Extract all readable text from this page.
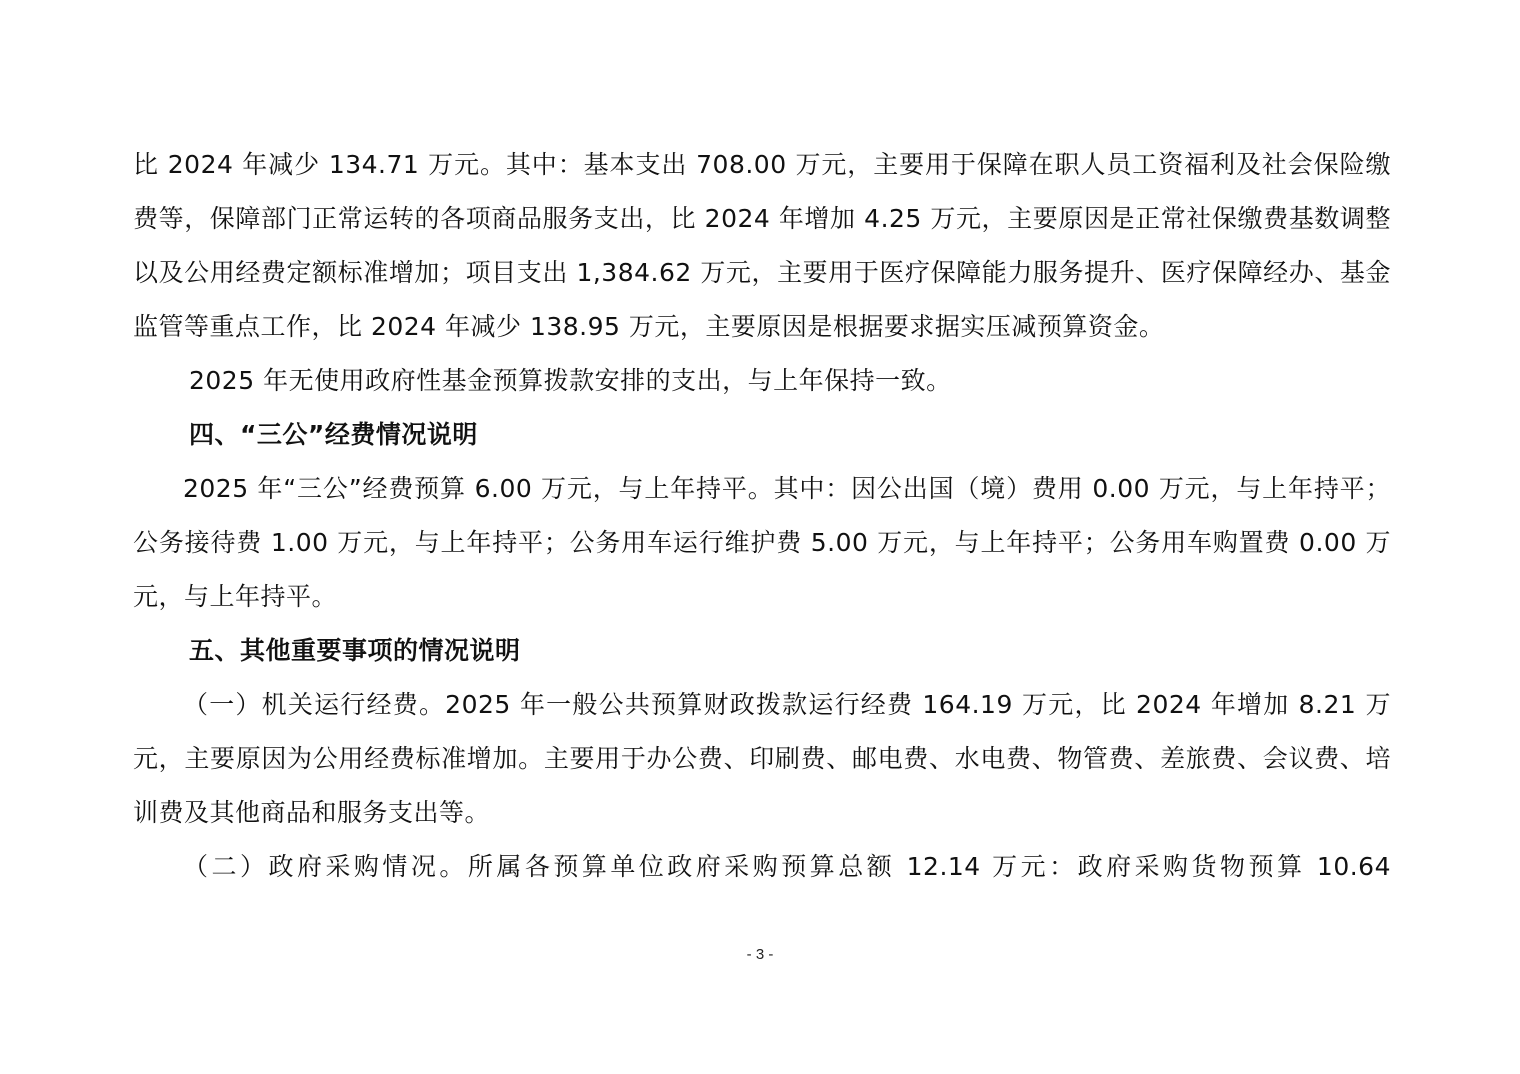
比 2024 年减少 134.71 万元。其中：基本支出 708.00 万元，主要用于保障在职人员工资福利及社会保险缴费等，保障部门正常运转的各项商品服务支出，比 2024 年增加 4.25 万元，主要原因是正常社保缴费基数调整以及公用经费定额标准增加；项目支出 1,384.62 万元，主要用于医疗保障能力服务提升、医疗保障经办、基金监管等重点工作，比 2024 年减少 138.95 万元，主要原因是根据要求据实压减预算资金。

2025 年无使用政府性基金预算拨款安排的支出，与上年保持一致。

四、“三公”经费情况说明

2025 年“三公”经费预算 6.00 万元，与上年持平。其中：因公出国（境）费用 0.00 万元，与上年持平；公务接待费 1.00 万元，与上年持平；公务用车运行维护费 5.00 万元，与上年持平；公务用车购置费 0.00 万元，与上年持平。

五、其他重要事项的情况说明

（一）机关运行经费。2025 年一般公共预算财政拨款运行经费 164.19 万元，比 2024 年增加 8.21 万元，主要原因为公用经费标准增加。主要用于办公费、印刷费、邮电费、水电费、物管费、差旅费、会议费、培训费及其他商品和服务支出等。

（二）政府采购情况。所属各预算单位政府采购预算总额 12.14 万元：政府采购货物预算 10.64

- 3 -
